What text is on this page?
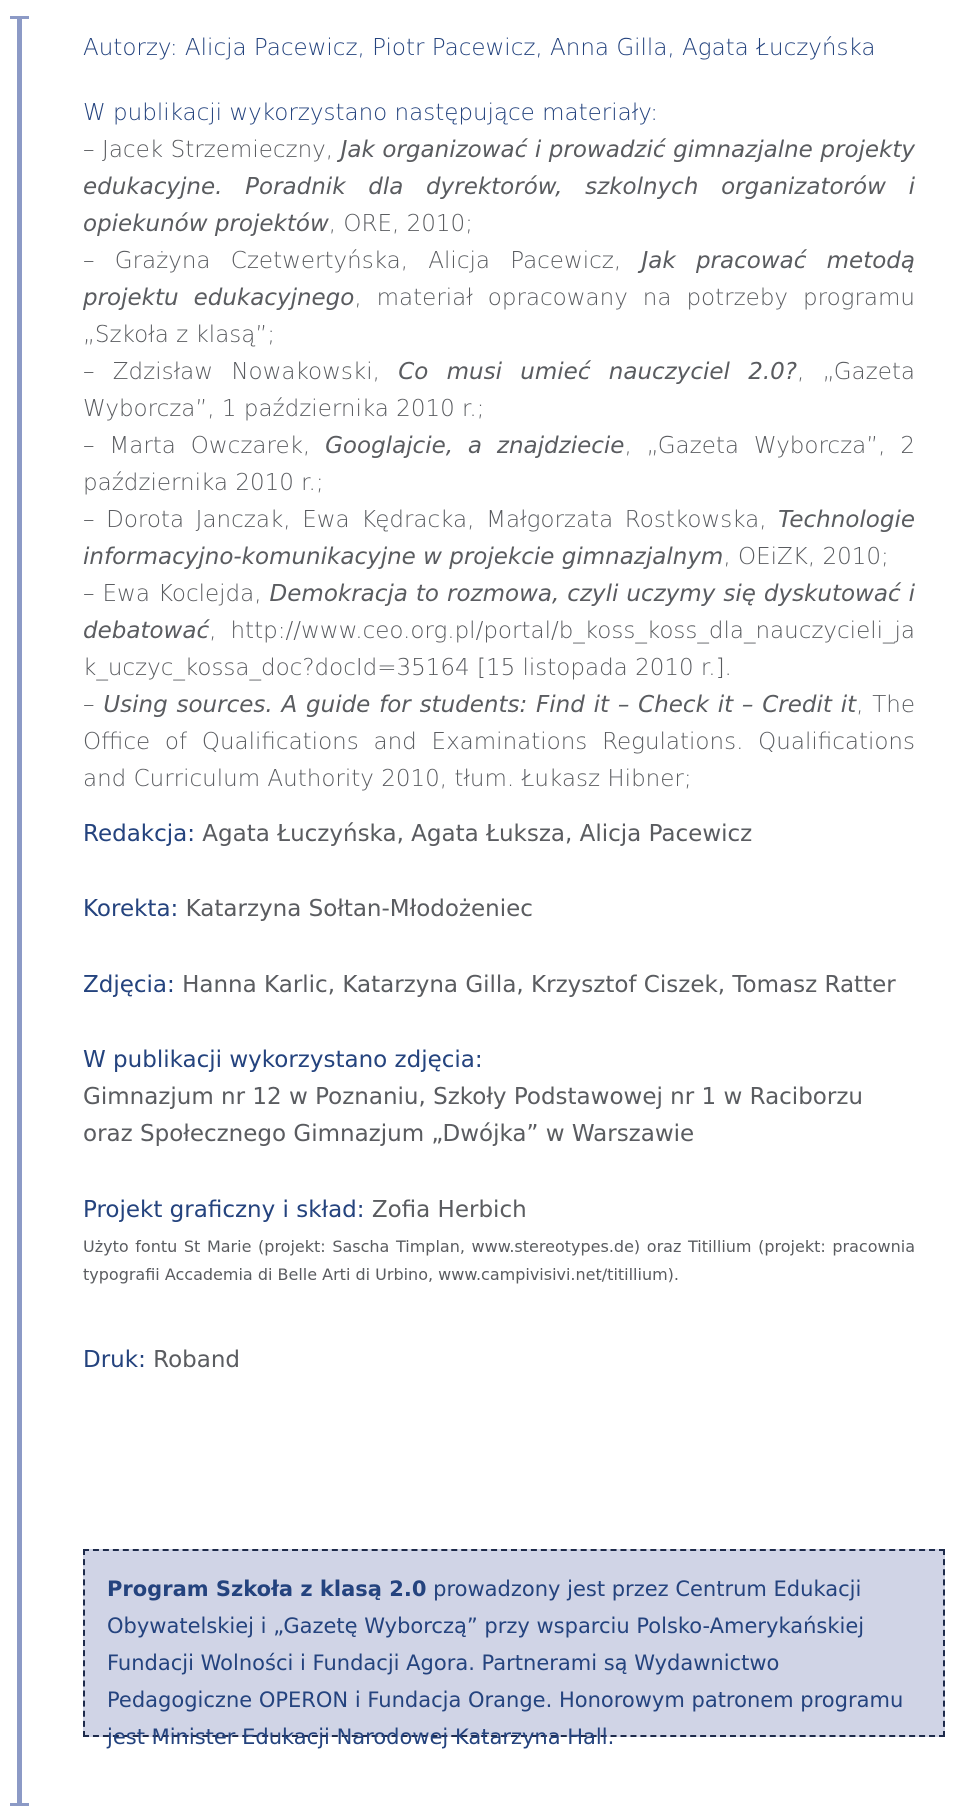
Autorzy: Alicja Pacewicz, Piotr Pacewicz, Anna Gilla, Agata Łuczyńska

W publikacji wykorzystano następujące materiały:

– Jacek Strzemieczny, Jak organizować i prowadzić gimnazjalne projekty edukacyjne. Poradnik dla dyrektorów, szkolnych organizatorów i opiekunów projektów, ORE, 2010;

– Grażyna Czetwertyńska, Alicja Pacewicz, Jak pracować metodą projektu edukacyjnego, materiał opracowany na potrzeby programu „Szkoła z klasą”;

– Zdzisław Nowakowski, Co musi umieć nauczyciel 2.0?, „Gazeta Wyborcza”, 1 października 2010 r.;

– Marta Owczarek, Googlajcie, a znajdziecie, „Gazeta Wyborcza”, 2 października 2010 r.;

– Dorota Janczak, Ewa Kędracka, Małgorzata Rostkowska, Technologie informacyjno-komunikacyjne w projekcie gimnazjalnym, OEiZK, 2010;

– Ewa Koclejda, Demokracja to rozmowa, czyli uczymy się dyskutować i debatować, http://www.ceo.org.pl/portal/b_koss_koss_dla_nauczycieli_jak_uczyc_kossa_doc?docId=35164 [15 listopada 2010 r.].

– Using sources. A guide for students: Find it – Check it – Credit it, The Office of Qualifications and Examinations Regulations. Qualifications and Curriculum Authority 2010, tłum. Łukasz Hibner;

Redakcja: Agata Łuczyńska, Agata Łuksza, Alicja Pacewicz
Korekta: Katarzyna Sołtan-Młodożeniec
Zdjęcia: Hanna Karlic, Katarzyna Gilla, Krzysztof Ciszek, Tomasz Ratter
W publikacji wykorzystano zdjęcia:
Gimnazjum nr 12 w Poznaniu, Szkoły Podstawowej nr 1 w Raciborzu
oraz Społecznego Gimnazjum „Dwójka” w Warszawie
Projekt graficzny i skład: Zofia Herbich
Użyto fontu St Marie (projekt: Sascha Timplan, www.stereotypes.de) oraz Titillium (projekt: pracownia typografii Accademia di Belle Arti di Urbino, www.campivisivi.net/titillium).
Druk: Roband

Program Szkoła z klasą 2.0 prowadzony jest przez Centrum Edukacji Obywatelskiej i „Gazetę Wyborczą” przy wsparciu Polsko-Amerykańskiej Fundacji Wolności i Fundacji Agora. Partnerami są Wydawnictwo Pedagogiczne OPERON i Fundacja Orange. Honorowym patronem programu jest Minister Edukacji Narodowej Katarzyna Hall.
